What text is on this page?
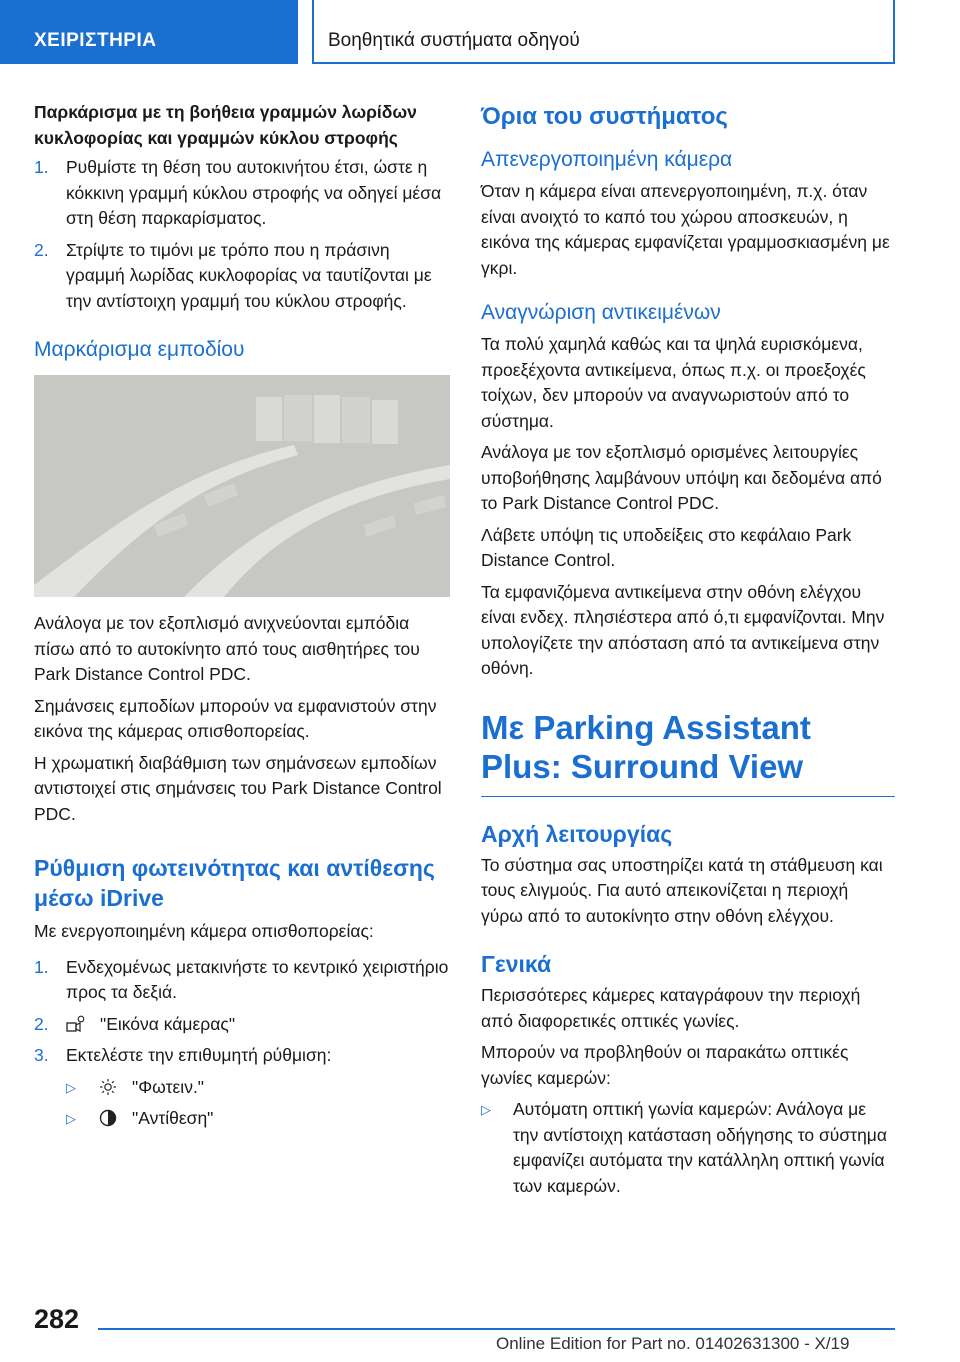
ΧΕΙΡΙΣΤΗΡΙΑ	Βοηθητικά συστήματα οδηγού
Παρκάρισμα με τη βοήθεια γραμμών λωρίδων κυκλοφορίας και γραμμών κύκλου στροφής
1. Ρυθμίστε τη θέση του αυτοκινήτου έτσι, ώστε η κόκκινη γραμμή κύκλου στροφής να οδηγεί μέσα στη θέση παρκαρίσματος.
2. Στρίψτε το τιμόνι με τρόπο που η πράσινη γραμμή λωρίδας κυκλοφορίας να ταυτίζονται με την αντίστοιχη γραμμή του κύκλου στροφής.
Μαρκάρισμα εμποδίου

Ανάλογα με τον εξοπλισμό ανιχνεύονται εμπόδια πίσω από το αυτοκίνητο από τους αισθητήρες του Park Distance Control PDC.

Σημάνσεις εμποδίων μπορούν να εμφανιστούν στην εικόνα της κάμερας οπισθοπορείας.

Η χρωματική διαβάθμιση των σημάνσεων εμποδίων αντιστοιχεί στις σημάνσεις του Park Distance Control PDC.

Ρύθμιση φωτεινότητας και αντίθεσης μέσω iDrive

Με ενεργοποιημένη κάμερα οπισθοπορείας:

1. Ενδεχομένως μετακινήστε το κεντρικό χειριστήριο προς τα δεξιά.
2.	"Εικόνα κάμερας"
3. Εκτελέστε την επιθυμητή ρύθμιση:
▷	"Φωτειν."
▷	"Αντίθεση"
Όρια του συστήματος
Απενεργοποιημένη κάμερα

Όταν η κάμερα είναι απενεργοποιημένη, π.χ. όταν είναι ανοιχτό το καπό του χώρου αποσκευών, η εικόνα της κάμερας εμφανίζεται γραμμοσκιασμένη με γκρι.

Αναγνώριση αντικειμένων

Τα πολύ χαμηλά καθώς και τα ψηλά ευρισκόμενα, προεξέχοντα αντικείμενα, όπως π.χ. οι προεξοχές τοίχων, δεν μπορούν να αναγνωριστούν από το σύστημα.

Ανάλογα με τον εξοπλισμό ορισμένες λειτουργίες υποβοήθησης λαμβάνουν υπόψη και δεδομένα από το Park Distance Control PDC.

Λάβετε υπόψη τις υποδείξεις στο κεφάλαιο Park Distance Control.

Τα εμφανιζόμενα αντικείμενα στην οθόνη ελέγχου είναι ενδεχ. πλησιέστερα από ό,τι εμφανίζονται. Μην υπολογίζετε την απόσταση από τα αντικείμενα στην οθόνη.

Με Parking Assistant Plus: Surround View
Αρχή λειτουργίας

Το σύστημα σας υποστηρίζει κατά τη στάθμευση και τους ελιγμούς. Για αυτό απεικονίζεται η περιοχή γύρω από το αυτοκίνητο στην οθόνη ελέγχου.

Γενικά

Περισσότερες κάμερες καταγράφουν την περιοχή από διαφορετικές οπτικές γωνίες.

Μπορούν να προβληθούν οι παρακάτω οπτικές γωνίες καμερών:

▷ Αυτόματη οπτική γωνία καμερών: Ανάλογα με την αντίστοιχη κατάσταση οδήγησης το σύστημα εμφανίζει αυτόματα την κατάλληλη οπτική γωνία των καμερών.
282
Online Edition for Part no. 01402631300 - X/19
